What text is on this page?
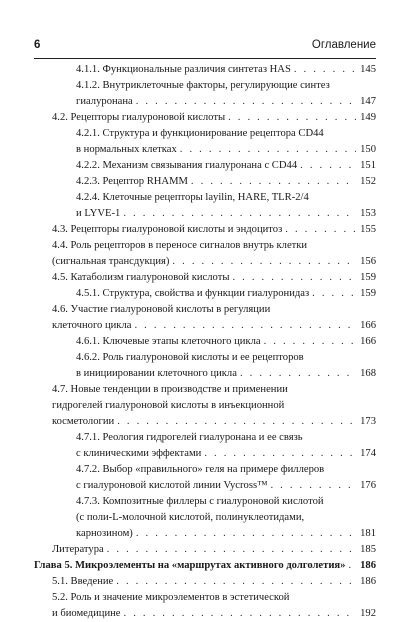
6	Оглавление
4.1.1. Функциональные различия синтетаз HAS . . .	145
4.1.2. Внутриклеточные факторы, регулирующие синтез
гиалуронана . . .	147
4.2. Рецепторы гиалуроновой кислоты . . .	149
4.2.1. Структура и функционирование рецептора CD44
в нормальных клетках . . .	150
4.2.2. Механизм связывания гиалуронана с CD44 . . .	151
4.2.3. Рецептор RHAMM . . .	152
4.2.4. Клеточные рецепторы layilin, HARE, TLR-2/4
и LYVE-1 . . .	153
4.3. Рецепторы гиалуроновой кислоты и эндоцитоз . . .	155
4.4. Роль рецепторов в переносе сигналов внутрь клетки
(сигнальная трансдукция) . . .	156
4.5. Катаболизм гиалуроновой кислоты . . .	159
4.5.1. Структура, свойства и функции гиалуронидаз . . .	159
4.6. Участие гиалуроновой кислоты в регуляции
клеточного цикла . . .	166
4.6.1. Ключевые этапы клеточного цикла . . .	166
4.6.2. Роль гиалуроновой кислоты и ее рецепторов
в инициировании клеточного цикла . . .	168
4.7. Новые тенденции в производстве и применении
гидрогелей гиалуроновой кислоты в инъекционной
косметологии . . .	173
4.7.1. Реология гидрогелей гиалуронана и ее связь
с клиническими эффектами . . .	174
4.7.2. Выбор «правильного» геля на примере филлеров
с гиалуроновой кислотой линии Vycross™ . . .	176
4.7.3. Композитные филлеры с гиалуроновой кислотой
(с поли-L-молочной кислотой, полинуклеотидами,
карнозином) . . .	181
Литература . . .	185
Глава 5. Микроэлементы на «маршрутах активного долголетия» . . . 186
5.1. Введение . . .	186
5.2. Роль и значение микроэлементов в эстетической
и биомедицине . . .	192
